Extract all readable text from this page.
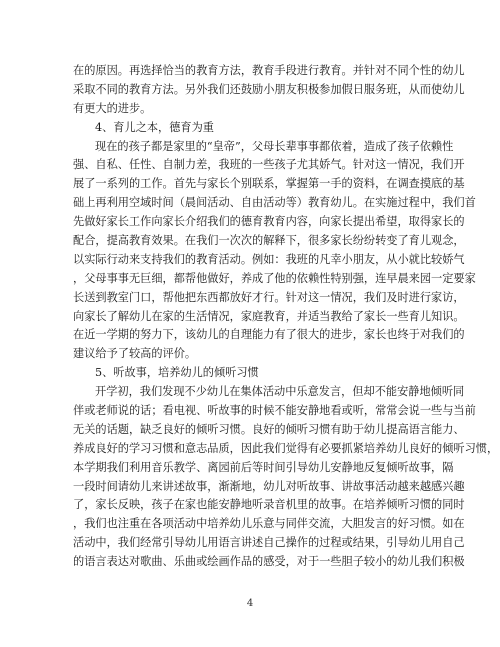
在的原因。再选择恰当的教育方法，教育手段进行教育。并针对不同个性的幼儿
采取不同的教育方法。另外我们还鼓励小朋友积极参加假日服务班，从而使幼儿
有更大的进步。
4、育儿之本，德育为重
现在的孩子都是家里的“皇帝”，父母长辈事事都依着，造成了孩子依赖性
强、自私、任性、自制力差，我班的一些孩子尤其娇气。针对这一情况，我们开
展了一系列的工作。首先与家长个别联系，掌握第一手的资料，在调查摸底的基
础上再利用空域时间（晨间活动、自由活动等）教育幼儿。在实施过程中，我们首
先做好家长工作向家长介绍我们的德育教育内容，向家长提出希望，取得家长的
配合，提高教育效果。在我们一次次的解释下，很多家长纷纷转变了育儿观念，
以实际行动来支持我们的教育活动。例如：我班的凡幸小朋友，从小就比较娇气
，父母事事无巨细，都帮他做好，养成了他的依赖性特别强，连早晨来园一定要家
长送到教室门口，帮他把东西都放好才行。针对这一情况，我们及时进行家访，
向家长了解幼儿在家的生活情况，家庭教育，并适当教给了家长一些育儿知识。
在近一学期的努力下，该幼儿的自理能力有了很大的进步，家长也终于对我们的
建议给予了较高的评价。
5、听故事，培养幼儿的倾听习惯
开学初，我们发现不少幼儿在集体活动中乐意发言，但却不能安静地倾听同
伴或老师说的话；看电视、听故事的时候不能安静地看或听，常常会说一些与当前
无关的话题，缺乏良好的倾听习惯。良好的倾听习惯有助于幼儿提高语言能力、
养成良好的学习习惯和意志品质，因此我们觉得有必要抓紧培养幼儿良好的倾听习惯，
本学期我们利用音乐教学、离园前后等时间引导幼儿安静地反复倾听故事，隔
一段时间请幼儿来讲述故事，渐渐地，幼儿对听故事、讲故事活动越来越感兴趣
了，家长反映，孩子在家也能安静地听录音机里的故事。在培养倾听习惯的同时
，我们也注重在各项活动中培养幼儿乐意与同伴交流，大胆发言的好习惯。如在
活动中，我们经常引导幼儿用语言讲述自己操作的过程或结果，引导幼儿用自己
的语言表达对歌曲、乐曲或绘画作品的感受，对于一些胆子较小的幼儿我们积极
4
